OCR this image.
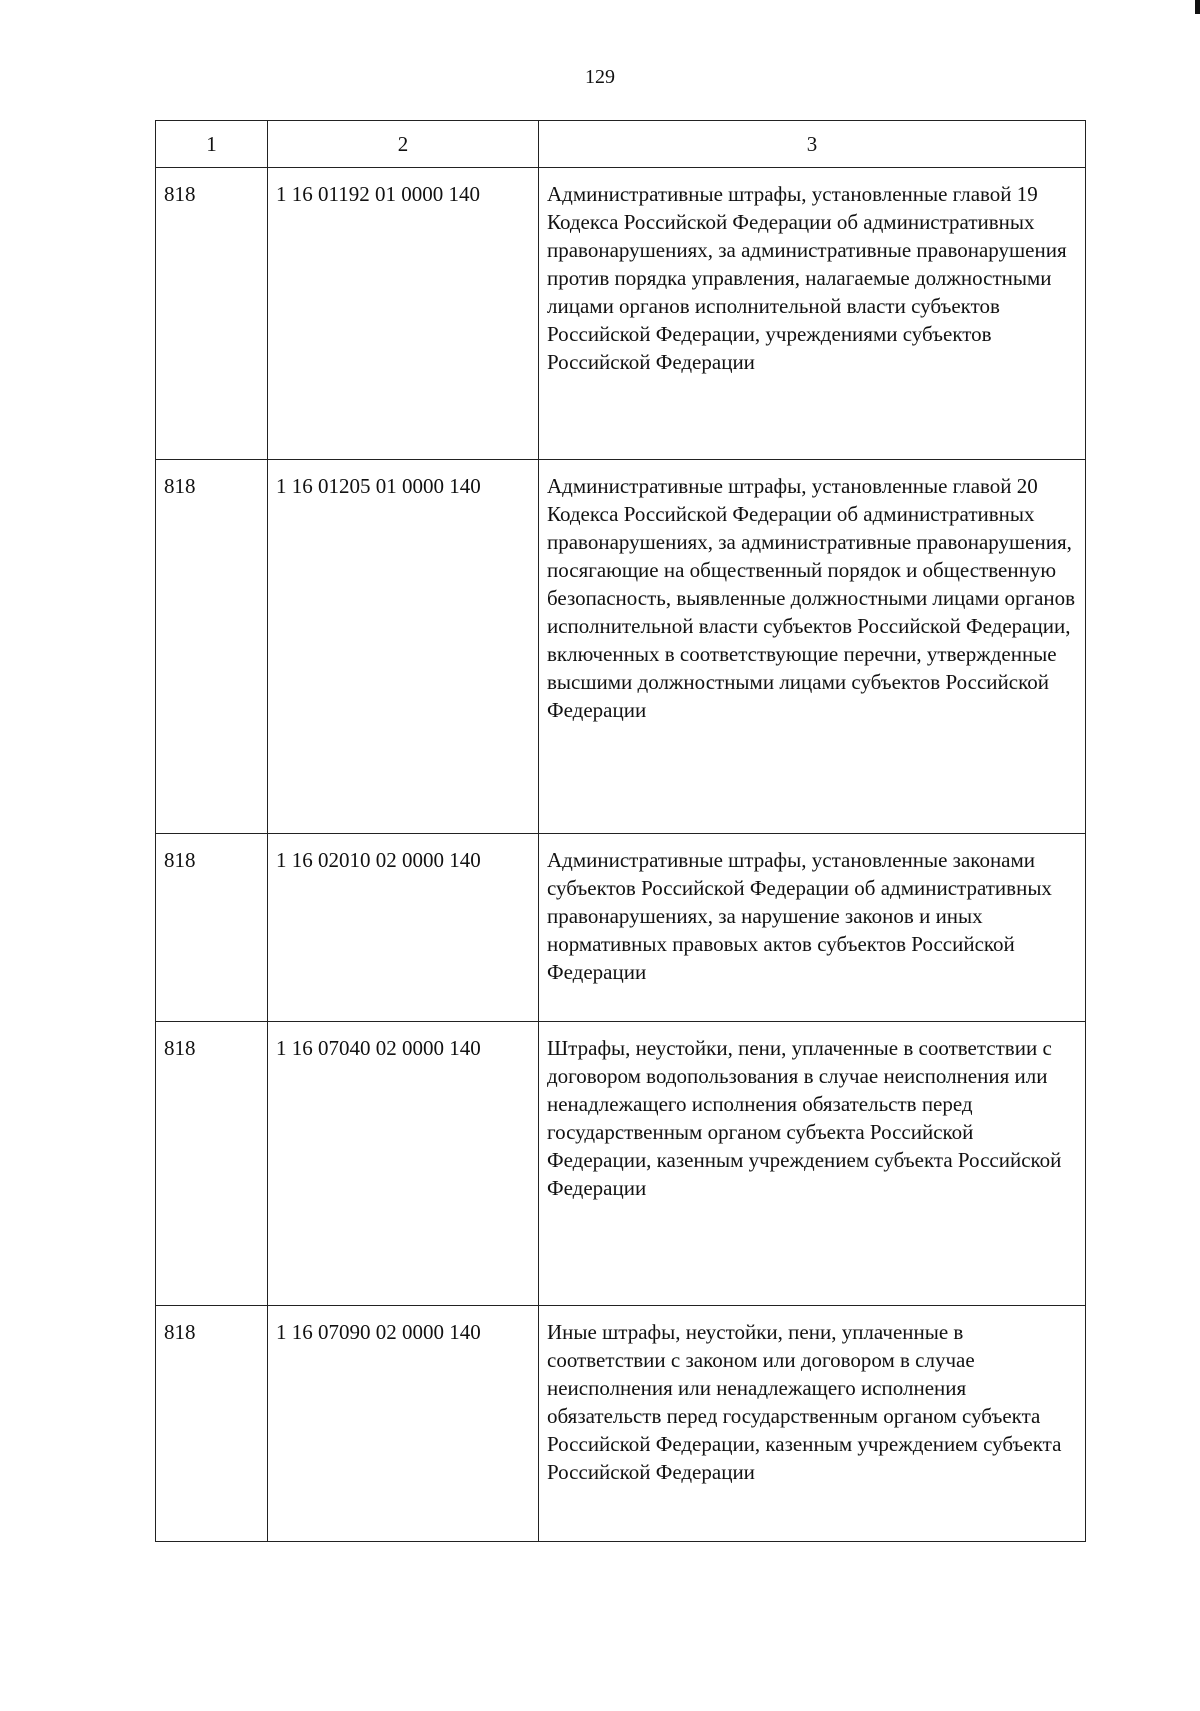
129
1	2	3
818	1 16 01192 01 0000 140	Административные штрафы, установленные главой 19 Кодекса Российской Федерации об административных правонарушениях, за административные правонарушения против порядка управления, налагаемые должностными лицами органов исполнительной власти субъектов Российской Федерации, учреждениями субъектов Российской Федерации
818	1 16 01205 01 0000 140	Административные штрафы, установленные главой 20 Кодекса Российской Федерации об административных правонарушениях, за административные правонарушения, посягающие на общественный порядок и общественную безопасность, выявленные должностными лицами органов исполнительной власти субъектов Российской Федерации, включенных в соответствующие перечни, утвержденные высшими должностными лицами субъектов Российской Федерации
818	1 16 02010 02 0000 140	Административные штрафы, установленные законами субъектов Российской Федерации об административных правонарушениях, за нарушение законов и иных нормативных правовых актов субъектов Российской Федерации
818	1 16 07040 02 0000 140	Штрафы, неустойки, пени, уплаченные в соответствии с договором водопользования в случае неисполнения или ненадлежащего исполнения обязательств перед государственным органом субъекта Российской Федерации, казенным учреждением субъекта Российской Федерации
818	1 16 07090 02 0000 140	Иные штрафы, неустойки, пени, уплаченные в соответствии с законом или договором в случае неисполнения или ненадлежащего исполнения обязательств перед государственным органом субъекта Российской Федерации, казенным учреждением субъекта Российской Федерации
